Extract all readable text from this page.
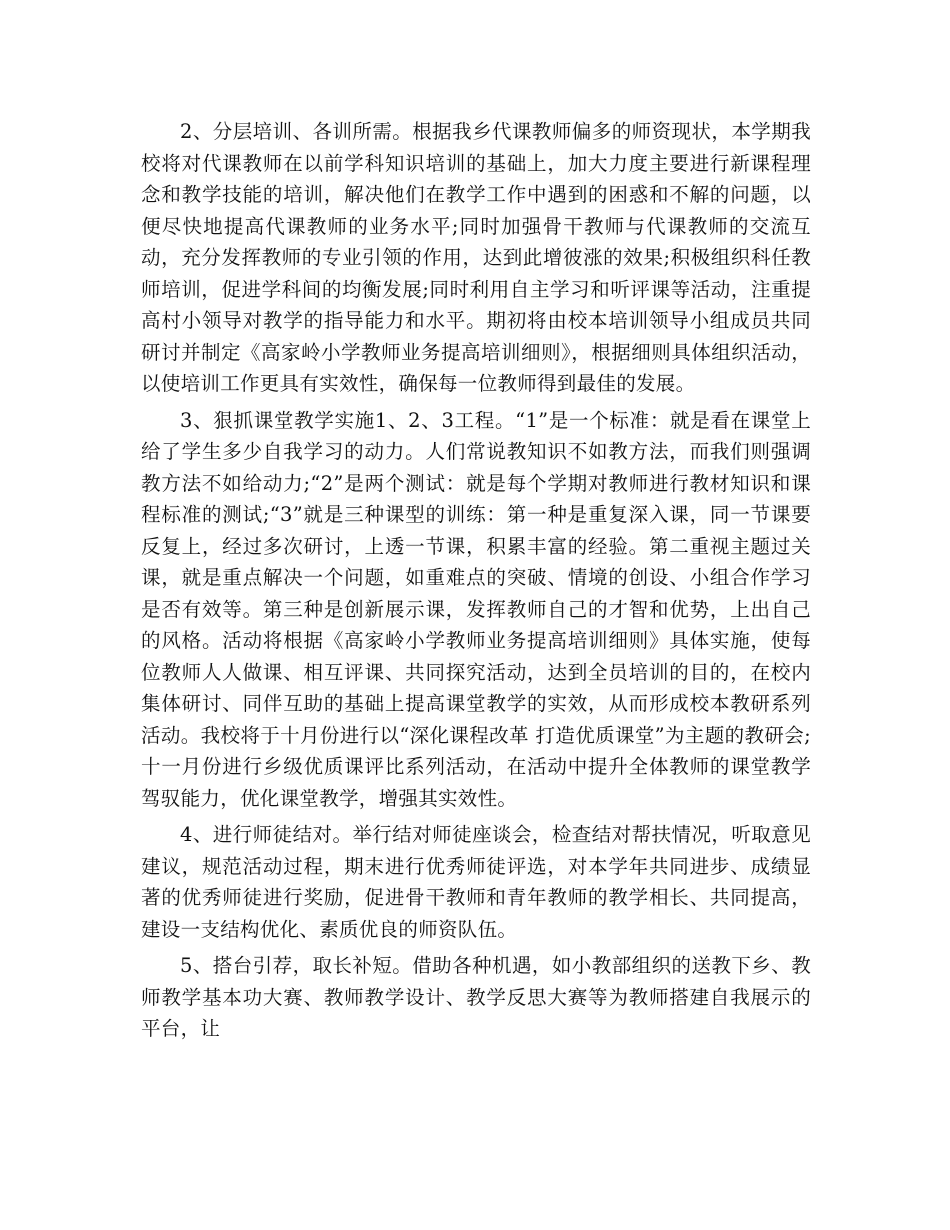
2、分层培训、各训所需。根据我乡代课教师偏多的师资现状，本学期我校将对代课教师在以前学科知识培训的基础上，加大力度主要进行新课程理念和教学技能的培训，解决他们在教学工作中遇到的困惑和不解的问题，以便尽快地提高代课教师的业务水平;同时加强骨干教师与代课教师的交流互动，充分发挥教师的专业引领的作用，达到此增彼涨的效果;积极组织科任教师培训，促进学科间的均衡发展;同时利用自主学习和听评课等活动，注重提高村小领导对教学的指导能力和水平。期初将由校本培训领导小组成员共同研讨并制定《高家岭小学教师业务提高培训细则》，根据细则具体组织活动，以使培训工作更具有实效性，确保每一位教师得到最佳的发展。

3、狠抓课堂教学实施1、2、3工程。“1”是一个标准：就是看在课堂上给了学生多少自我学习的动力。人们常说教知识不如教方法，而我们则强调教方法不如给动力;“2”是两个测试：就是每个学期对教师进行教材知识和课程标准的测试;“3”就是三种课型的训练：第一种是重复深入课，同一节课要反复上，经过多次研讨，上透一节课，积累丰富的经验。第二重视主题过关课，就是重点解决一个问题，如重难点的突破、情境的创设、小组合作学习是否有效等。第三种是创新展示课，发挥教师自己的才智和优势，上出自己的风格。活动将根据《高家岭小学教师业务提高培训细则》具体实施，使每位教师人人做课、相互评课、共同探究活动，达到全员培训的目的，在校内集体研讨、同伴互助的基础上提高课堂教学的实效，从而形成校本教研系列活动。我校将于十月份进行以“深化课程改革 打造优质课堂”为主题的教研会;十一月份进行乡级优质课评比系列活动，在活动中提升全体教师的课堂教学驾驭能力，优化课堂教学，增强其实效性。

4、进行师徒结对。举行结对师徒座谈会，检查结对帮扶情况，听取意见建议，规范活动过程，期末进行优秀师徒评选，对本学年共同进步、成绩显著的优秀师徒进行奖励，促进骨干教师和青年教师的教学相长、共同提高，建设一支结构优化、素质优良的师资队伍。

5、搭台引荐，取长补短。借助各种机遇，如小教部组织的送教下乡、教师教学基本功大赛、教师教学设计、教学反思大赛等为教师搭建自我展示的平台，让
